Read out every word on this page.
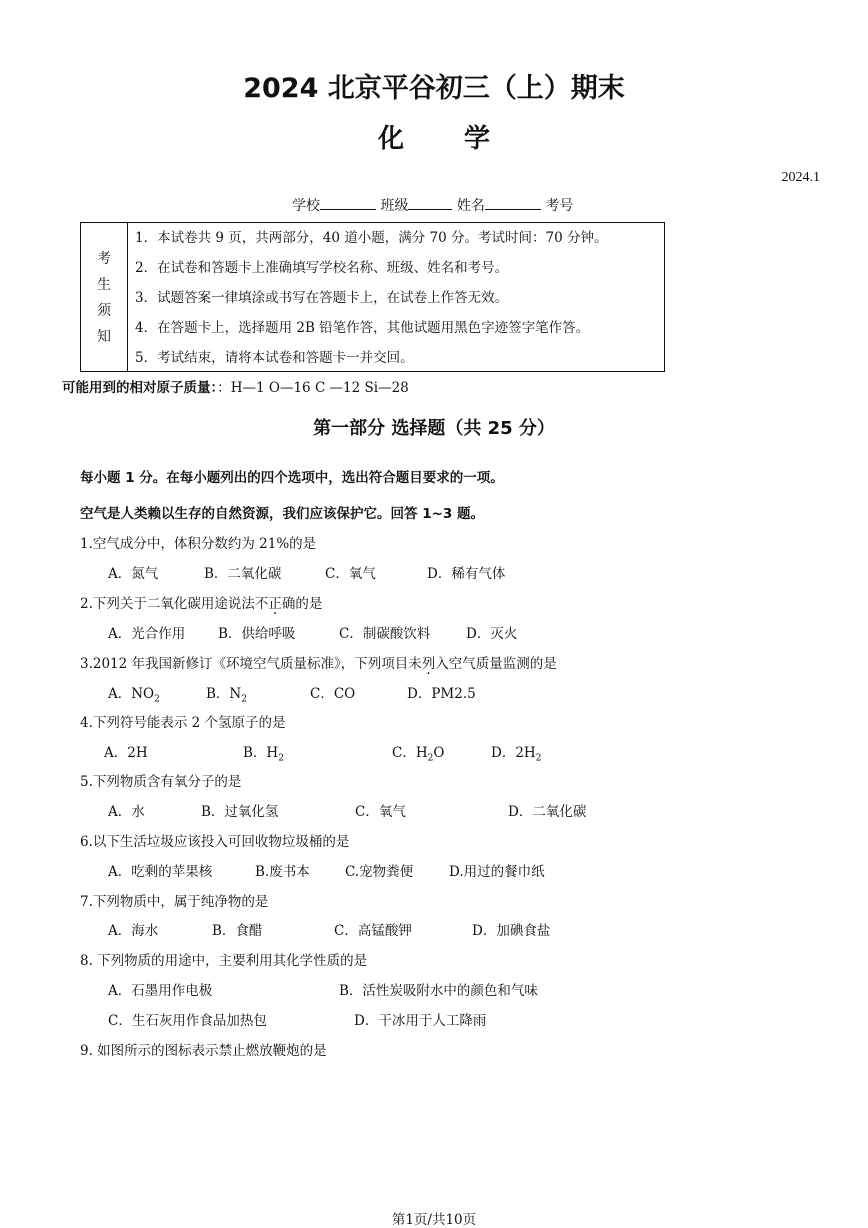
2024 北京平谷初三（上）期末
化 学
2024.1
学校	班级	姓名	考号
考
生
须
知
1．本试卷共 9 页，共两部分，40 道小题，满分 70 分。考试时间：70 分钟。
2．在试卷和答题卡上准确填写学校名称、班级、姓名和考号。
3．试题答案一律填涂或书写在答题卡上，在试卷上作答无效。
4．在答题卡上，选择题用 2B 铅笔作答，其他试题用黑色字迹签字笔作答。
5．考试结束，请将本试卷和答题卡一并交回。
可能用到的相对原子质量：：H—1 O—16 C —12 Si—28
第一部分 选择题（共 25 分）
每小题 1 分。在每小题列出的四个选项中，选出符合题目要求的一项。
空气是人类赖以生存的自然资源，我们应该保护它。回答 1~3 题。
1.空气成分中，体积分数约为 21%的是
A．氮气	B．二氧化碳	C．氧气	D．稀有气体
2.下列关于二氧化碳用途说法不正确的是
A．光合作用 B．供给呼吸	C．制碳酸饮料	D．灭火
3.2012 年我国新修订《环境空气质量标准》，下列项目未列入空气质量监测的是
A．$NO_2$	B．$N_2$	C．CO	D．PM2.5
4.下列符号能表示 2 个氢原子的是
A．2H	B．$H_2$	C．$H_2O$	D．$2H_2$
5.下列物质含有氧分子的是
A．水	B．过氧化氢	C．氧气	D．二氧化碳
6.以下生活垃圾应该投入可回收物垃圾桶的是
A．吃剩的苹果核	B.废书本	C.宠物粪便	D.用过的餐巾纸
7.下列物质中，属于纯净物的是
A．海水	B．食醋	C．高锰酸钾	D．加碘食盐
8. 下列物质的用途中，主要利用其化学性质的是
A．石墨用作电极	B．活性炭吸附水中的颜色和气味
C．生石灰用作食品加热包	D．干冰用于人工降雨
9. 如图所示的图标表示禁止燃放鞭炮的是
第1页/共10页
